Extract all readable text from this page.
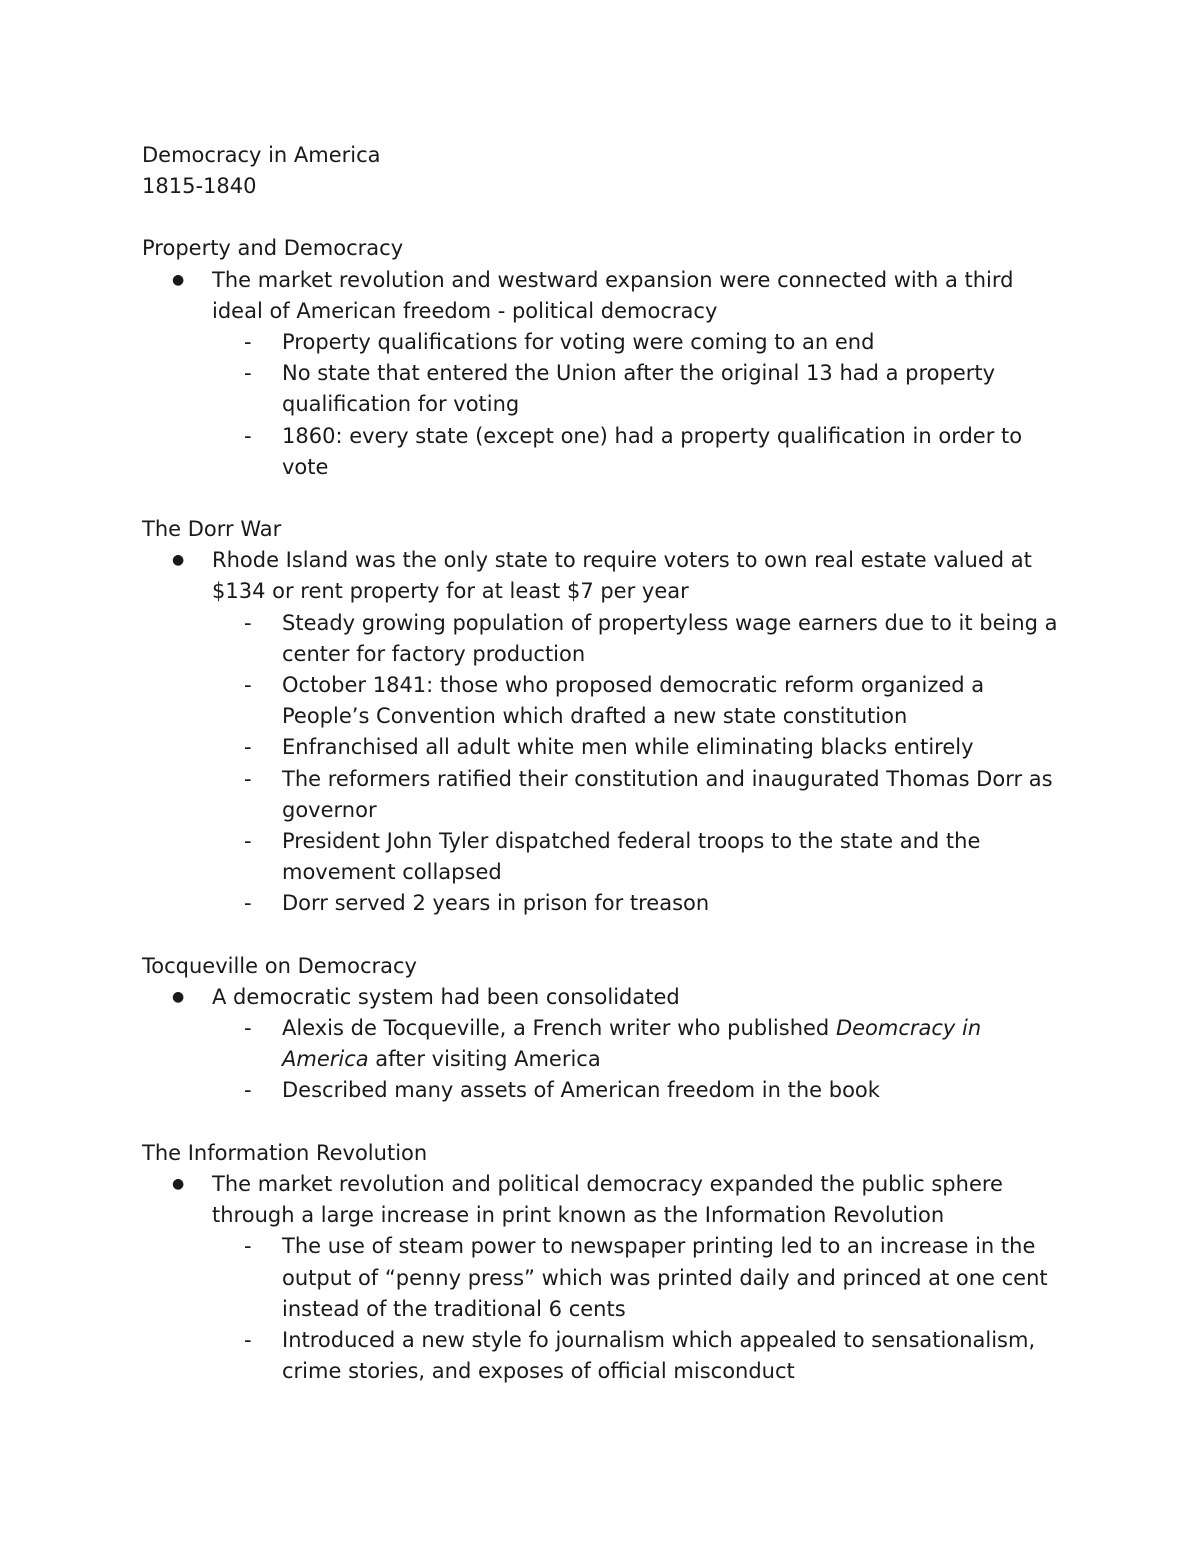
Democracy in America
1815-1840
Property and Democracy
● The market revolution and westward expansion were connected with a third
ideal of American freedom - political democracy
- Property qualifications for voting were coming to an end
- No state that entered the Union after the original 13 had a property
qualification for voting
- 1860: every state (except one) had a property qualification in order to
vote
The Dorr War
● Rhode Island was the only state to require voters to own real estate valued at
$134 or rent property for at least $7 per year
- Steady growing population of propertyless wage earners due to it being a
center for factory production
- October 1841: those who proposed democratic reform organized a
People’s Convention which drafted a new state constitution
- Enfranchised all adult white men while eliminating blacks entirely
- The reformers ratified their constitution and inaugurated Thomas Dorr as
governor
- President John Tyler dispatched federal troops to the state and the
movement collapsed
- Dorr served 2 years in prison for treason
Tocqueville on Democracy
● A democratic system had been consolidated
- Alexis de Tocqueville, a French writer who published Deomcracy in
America after visiting America
- Described many assets of American freedom in the book
The Information Revolution
● The market revolution and political democracy expanded the public sphere
through a large increase in print known as the Information Revolution
- The use of steam power to newspaper printing led to an increase in the
output of “penny press” which was printed daily and princed at one cent
instead of the traditional 6 cents
- Introduced a new style fo journalism which appealed to sensationalism,
crime stories, and exposes of official misconduct
